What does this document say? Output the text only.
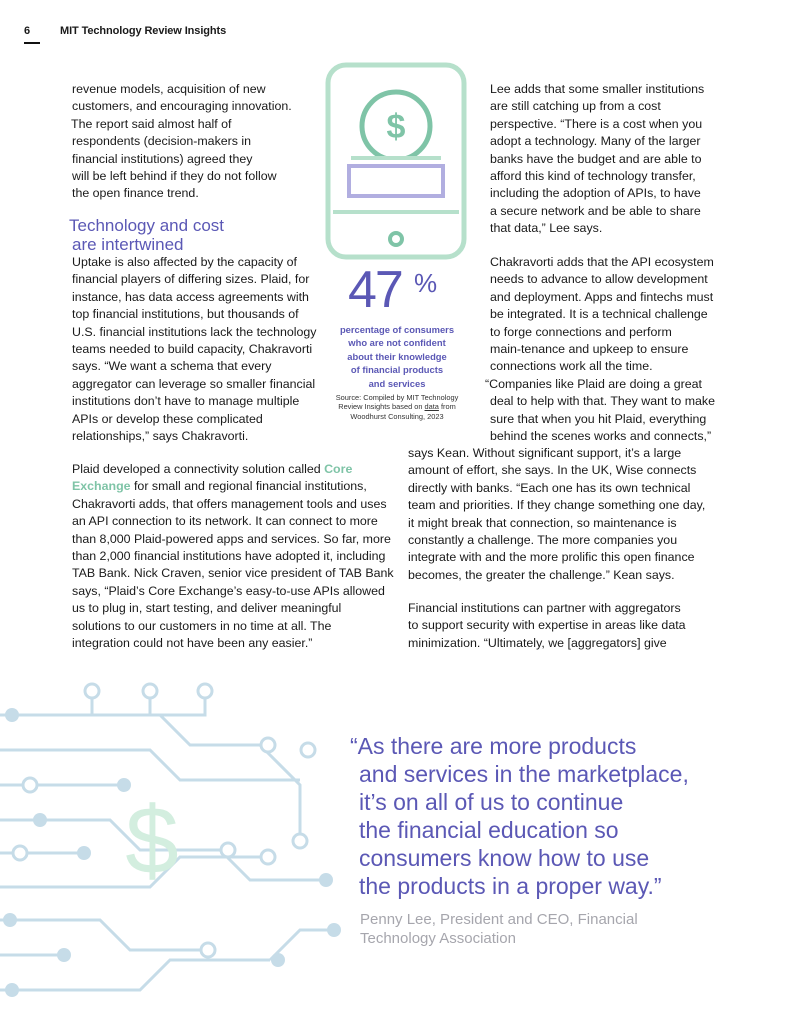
6	MIT Technology Review Insights
$

revenue models, acquisition of new
customers, and encouraging innovation.
The report said almost half of
respondents (decision-makers in
financial institutions) agreed they
will be left behind if they do not follow
the open finance trend.

Technology and cost
are intertwined

Uptake is also affected by the capacity of
financial players of differing sizes. Plaid, for
instance, has data access agreements with
top financial institutions, but thousands of
U.S. financial institutions lack the technology
teams needed to build capacity, Chakravorti
says. “We want a schema that every
aggregator can leverage so smaller financial
institutions don’t have to manage multiple
APIs or develop these complicated
relationships,” says Chakravorti.

47 %

percentage of consumers
who are not confident
about their knowledge
of financial products
and services

Source: Compiled by MIT Technology
Review Insights based on data from
Woodhurst Consulting, 2023

Plaid developed a connectivity solution called Core
Exchange for small and regional financial institutions,
Chakravorti adds, that offers management tools and uses
an API connection to its network. It can connect to more
than 8,000 Plaid-powered apps and services. So far, more
than 2,000 financial institutions have adopted it, including
TAB Bank. Nick Craven, senior vice president of TAB Bank
says, “Plaid’s Core Exchange’s easy-to-use APIs allowed
us to plug in, start testing, and deliver meaningful
solutions to our customers in no time at all. The
integration could not have been any easier.”

Lee adds that some smaller institutions
are still catching up from a cost
perspective. “There is a cost when you
adopt a technology. Many of the larger
banks have the budget and are able to
afford this kind of technology transfer,
including the adoption of APIs, to have
a secure network and be able to share
that data,” Lee says.

Chakravorti adds that the API ecosystem
needs to advance to allow development
and deployment. Apps and fintechs must
be integrated. It is a technical challenge
to forge connections and perform
main-tenance and upkeep to ensure
connections work all the time.
“Companies like Plaid are doing a great
deal to help with that. They want to make
sure that when you hit Plaid, everything
behind the scenes works and connects,”

says Kean. Without significant support, it’s a large
amount of effort, she says. In the UK, Wise connects
directly with banks. “Each one has its own technical
team and priorities. If they change something one day,
it might break that connection, so maintenance is
constantly a challenge. The more companies you
integrate with and the more prolific this open finance
becomes, the greater the challenge.” Kean says.

Financial institutions can partner with aggregators
to support security with expertise in areas like data
minimization. “Ultimately, we [aggregators] give

$
“As there are more products
and services in the marketplace,
it’s on all of us to continue
the financial education so
consumers know how to use
the products in a proper way.”

Penny Lee, President and CEO, Financial
Technology Association
